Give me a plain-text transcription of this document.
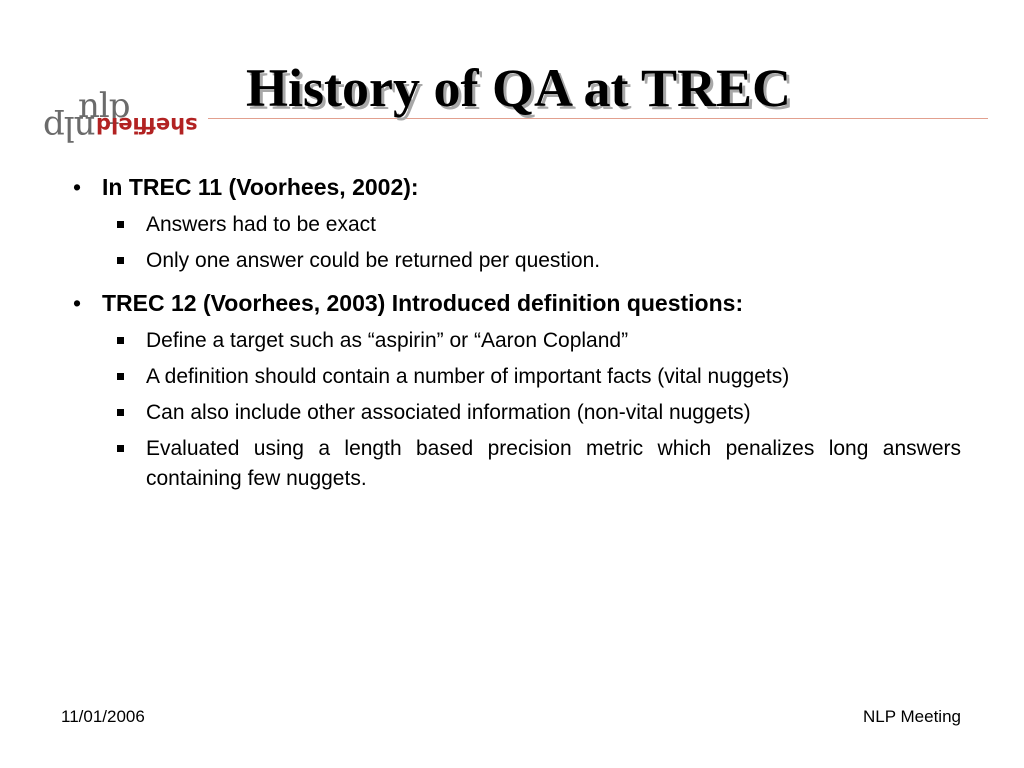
nlp
nlp sheffield
History of QA at TREC
• In TREC 11 (Voorhees, 2002):
Answers had to be exact
Only one answer could be returned per question.
• TREC 12 (Voorhees, 2003) Introduced definition questions:
Define a target such as “aspirin” or “Aaron Copland”
A definition should contain a number of important facts (vital nuggets)
Can also include other associated information (non-vital nuggets)
Evaluated using a length based precision metric which penalizes long answers containing few nuggets.
11/01/2006	NLP Meeting
